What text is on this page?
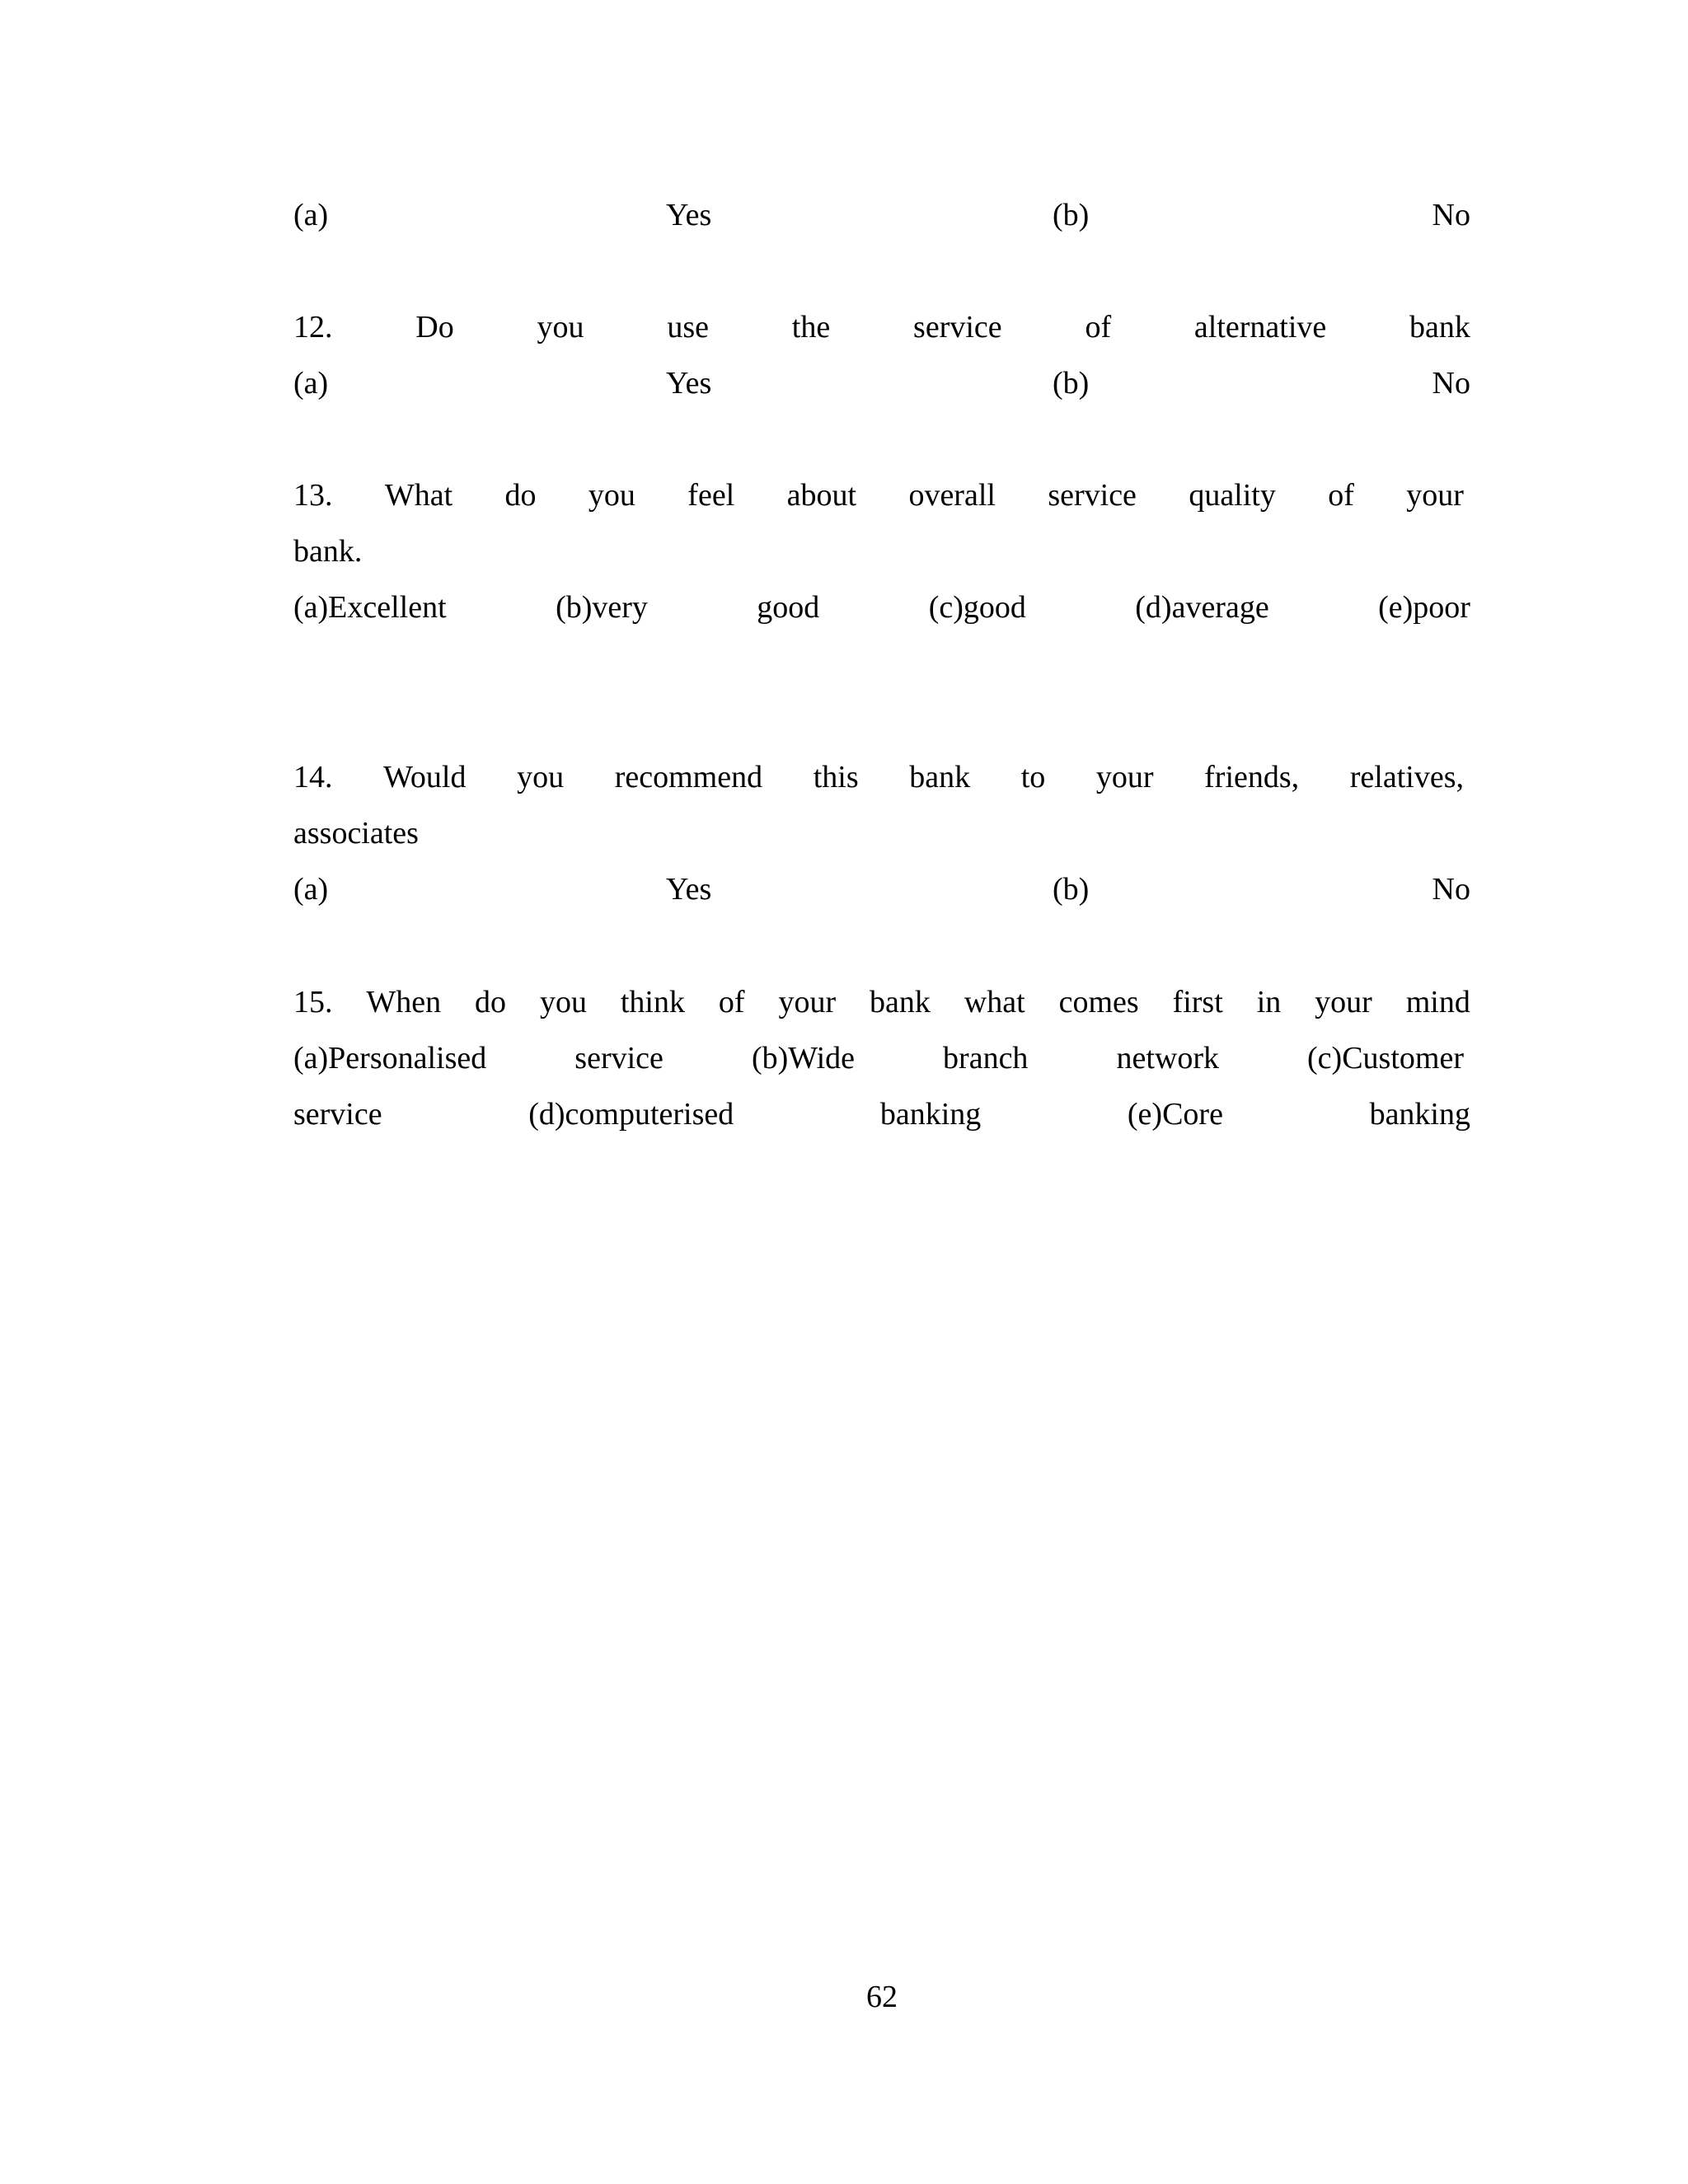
(a)	Yes	(b)	No
12.	Do	you	use	the	service	of	alternative	bank
(a)	Yes	(b)	No
13. What do you feel about overall service quality of your
bank.
(a)Excellent	(b)very	good	(c)good	(d)average	(e)poor
14. Would you recommend this bank to your friends, relatives,
associates
(a)	Yes	(b)	No
15. When do you think of your bank what comes first in your mind
(a)Personalised	service	(b)Wide	branch	network	(c)Customer
service	(d)computerised	banking	(e)Core	banking
62
